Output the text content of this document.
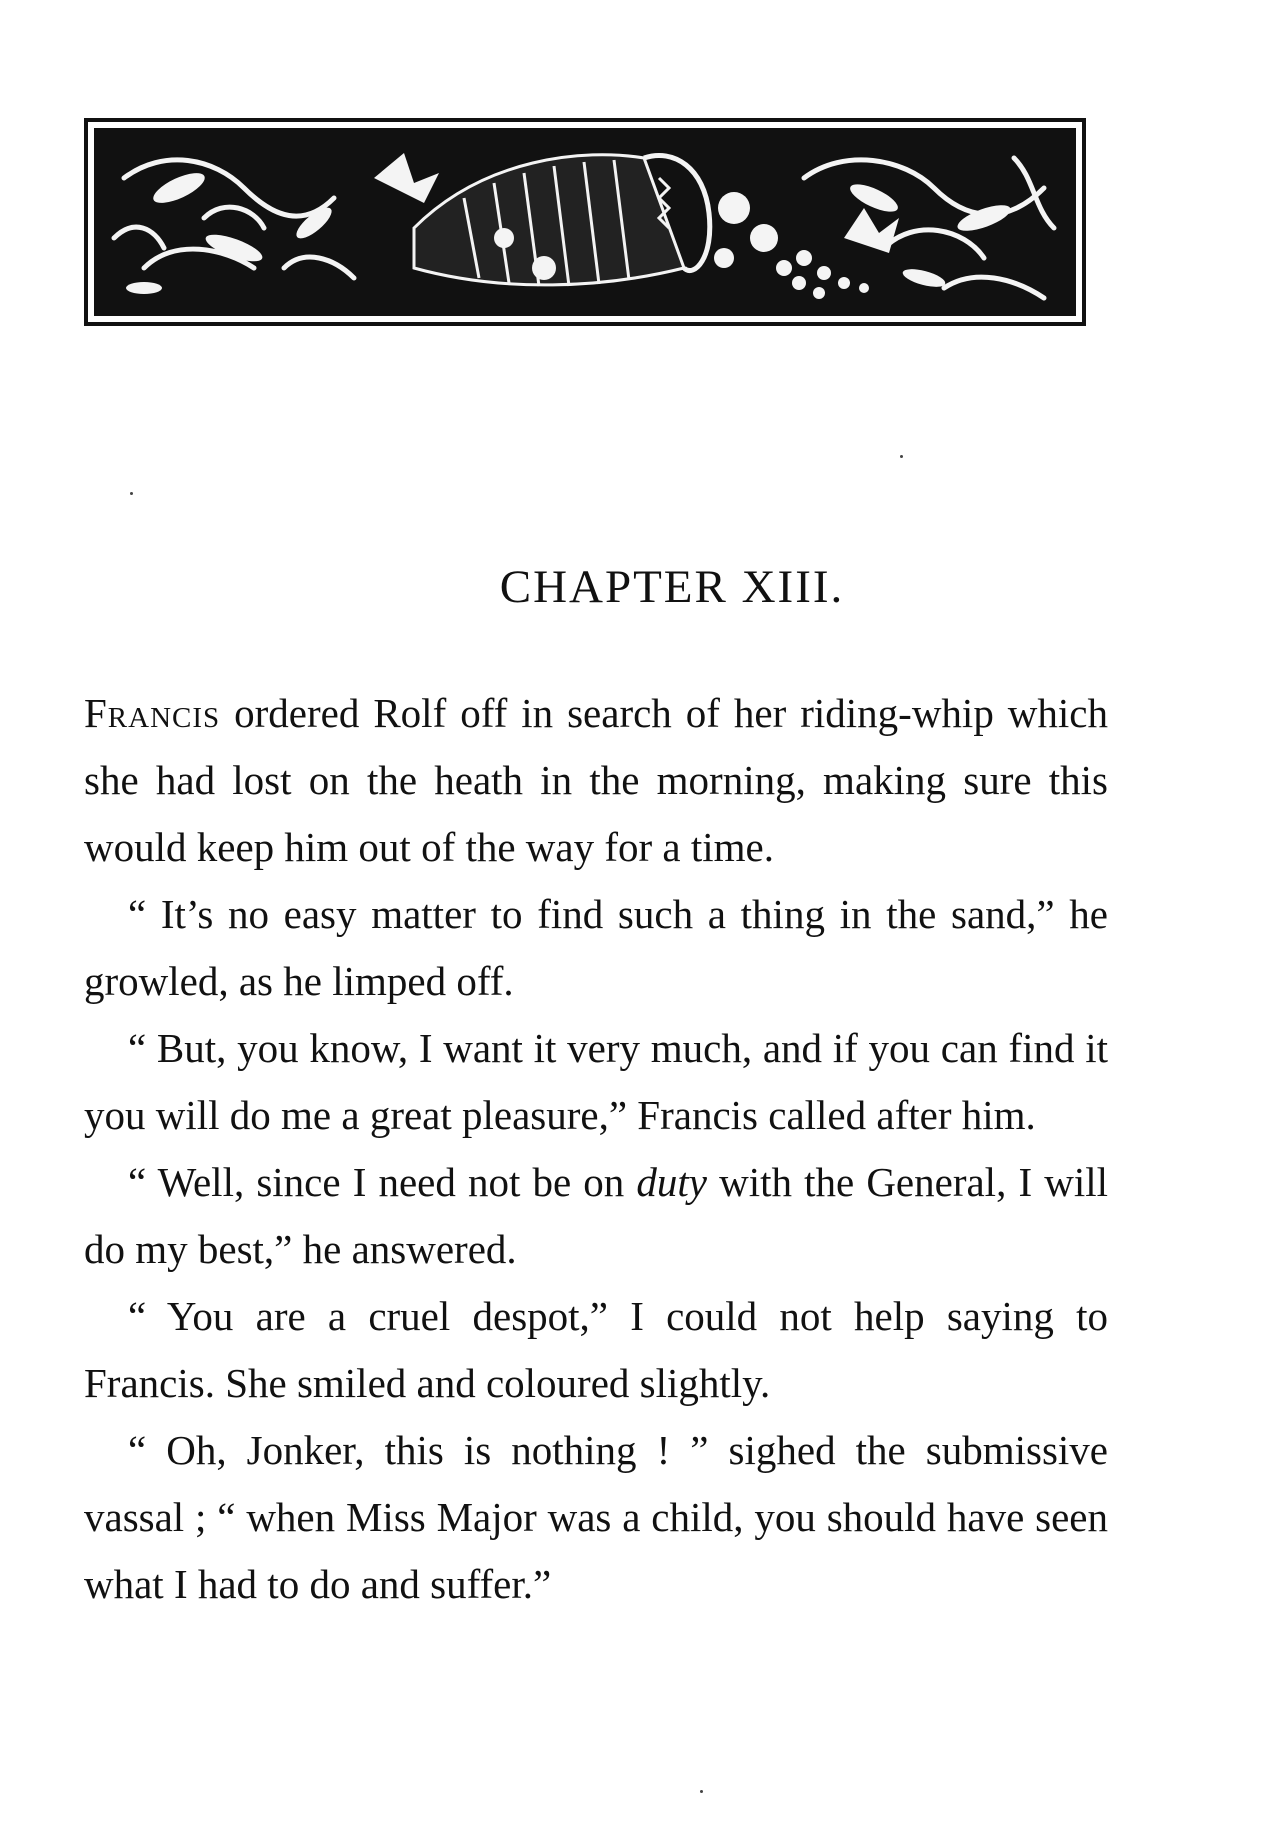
CHAPTER XIII.

Francis ordered Rolf off in search of her riding-whip which she had lost on the heath in the morning, making sure this would keep him out of the way for a time.

“ It’s no easy matter to find such a thing in the sand,” he growled, as he limped off.

“ But, you know, I want it very much, and if you can find it you will do me a great pleasure,” Francis called after him.

“ Well, since I need not be on duty with the General, I will do my best,” he answered.

“ You are a cruel despot,” I could not help saying to Francis. She smiled and coloured slightly.

“ Oh, Jonker, this is nothing ! ” sighed the submissive vassal ; “ when Miss Major was a child, you should have seen what I had to do and suffer.”
